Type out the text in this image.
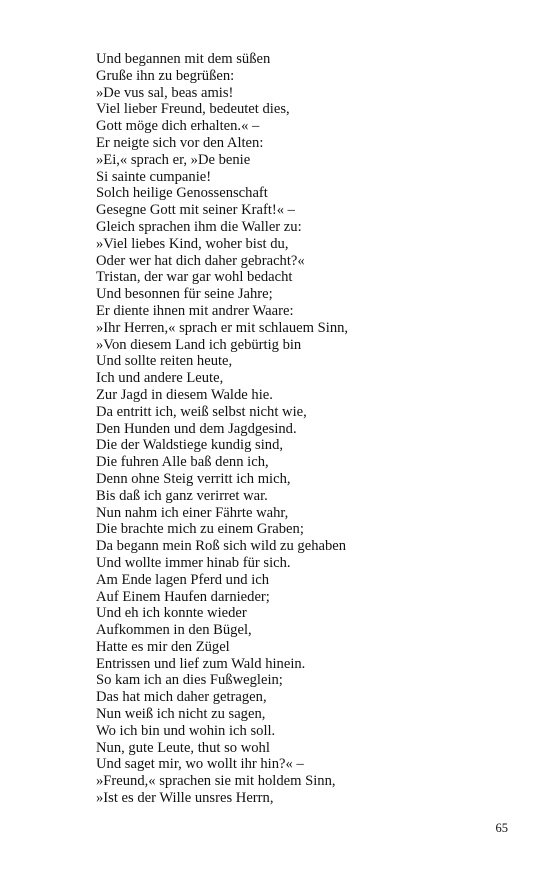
Und begannen mit dem süßen
Gruße ihn zu begrüßen:
»De vus sal, beas amis!
Viel lieber Freund, bedeutet dies,
Gott möge dich erhalten.« –
Er neigte sich vor den Alten:
»Ei,« sprach er, »De benie
Si sainte cumpanie!
Solch heilige Genossenschaft
Gesegne Gott mit seiner Kraft!« –
Gleich sprachen ihm die Waller zu:
»Viel liebes Kind, woher bist du,
Oder wer hat dich daher gebracht?«
Tristan, der war gar wohl bedacht
Und besonnen für seine Jahre;
Er diente ihnen mit andrer Waare:
»Ihr Herren,« sprach er mit schlauem Sinn,
»Von diesem Land ich gebürtig bin
Und sollte reiten heute,
Ich und andere Leute,
Zur Jagd in diesem Walde hie.
Da entritt ich, weiß selbst nicht wie,
Den Hunden und dem Jagdgesind.
Die der Waldstiege kundig sind,
Die fuhren Alle baß denn ich,
Denn ohne Steig verritt ich mich,
Bis daß ich ganz verirret war.
Nun nahm ich einer Fährte wahr,
Die brachte mich zu einem Graben;
Da begann mein Roß sich wild zu gehaben
Und wollte immer hinab für sich.
Am Ende lagen Pferd und ich
Auf Einem Haufen darnieder;
Und eh ich konnte wieder
Aufkommen in den Bügel,
Hatte es mir den Zügel
Entrissen und lief zum Wald hinein.
So kam ich an dies Fußweglein;
Das hat mich daher getragen,
Nun weiß ich nicht zu sagen,
Wo ich bin und wohin ich soll.
Nun, gute Leute, thut so wohl
Und saget mir, wo wollt ihr hin?« –
»Freund,« sprachen sie mit holdem Sinn,
»Ist es der Wille unsres Herrn,
65
